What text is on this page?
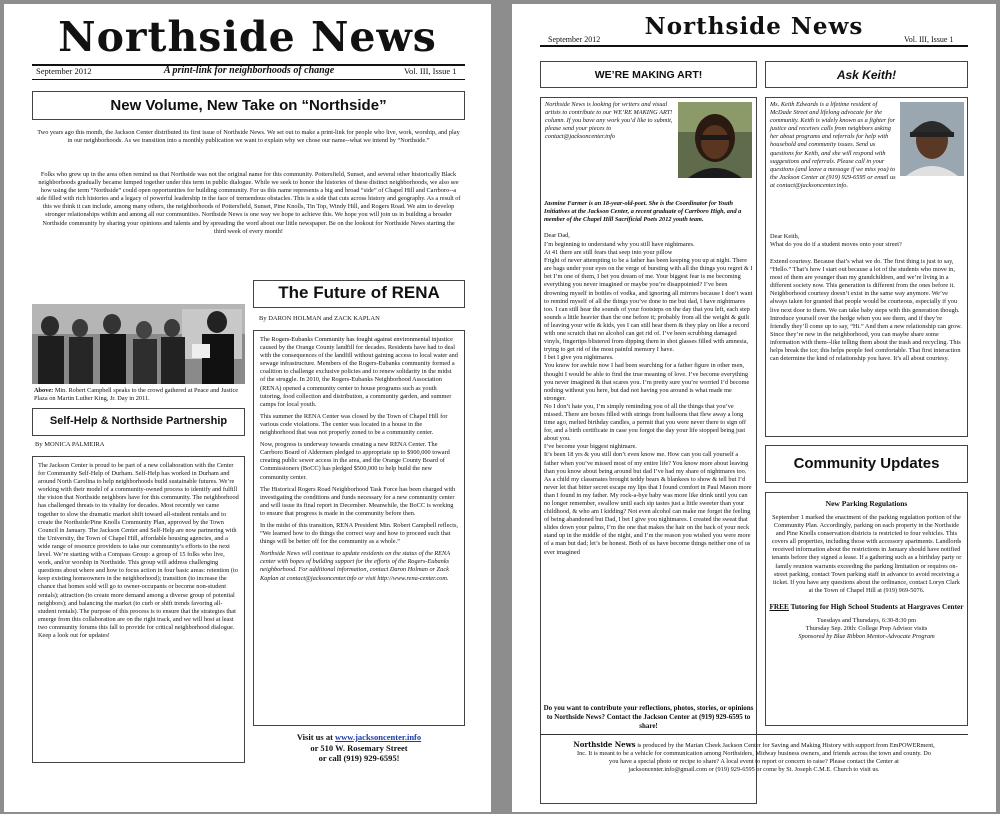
Northside News
September 2012	A print-link for neighborhoods of change	Vol. III, Issue 1
New Volume, New Take on “Northside”
Two years ago this month, the Jackson Center distributed its first issue of Northside News. We set out to make a print-link for people who live, work, worship, and play in our neighborhoods. As we transition into a monthly publication we want to explain why we chose our name--what we intend by “Northside.”
Folks who grew up in the area often remind us that Northside was not the original name for this community. Pottersfield, Sunset, and several other historically Black neighborhoods gradually became lumped together under this term in public dialogue. While we seek to honor the histories of these distinct neighborhoods, we also see how using the term “Northside” could open opportunities for building community. For us this name represents a big and broad “side” of Chapel Hill and Carrboro--a side filled with rich histories and a legacy of powerful leadership in the face of tremendous obstacles. This is a side that cuts across history and geography. As a result of this we think it can include, among many others, the neighborhoods of Pottersfield, Sunset, Pine Knolls, Tin Top, Windy Hill, and Rogers Road. We aim to develop stronger relationships within and among all our communities. Northside News is one way we hope to achieve this. We hope you will join us in building a broader Northside community by sharing your opinions and talents and by spreading the word about our little newspaper. Be on the lookout for Northside News starting the third week of every month!
Above: Min. Robert Campbell speaks to the crowd gathered at Peace and Justice Plaza on Martin Luther King, Jr. Day in 2011.
Self-Help & Northside Partnership
By MONICA PALMEIRA
The Jackson Center is proud to be part of a new collaboration with the Center for Community Self-Help of Durham. Self-Help has worked in Durham and around North Carolina to help neighborhoods build sustainable futures. We’re working with their model of a community-owned process to identify and fulfill the vision that Northside neighbors have for this community. The neighborhood has challenged threats to its vitality for decades. Most recently we came together to slow the dramatic market shift toward all-student rentals and to create the Northside/Pine Knolls Community Plan, approved by the Town Council in January. The Jackson Center and Self-Help are now partnering with the University, the Town of Chapel Hill, affordable housing agencies, and a wide range of resource providers to take our community’s efforts to the next level. We’re starting with a Compass Group: a group of 15 folks who live, work, and/or worship in Northside. This group will address challenging questions about where and how to focus action in four basic areas: retention (to keep existing homeowners in the neighborhood); transition (to increase the chance that homes sold will go to owner-occupants or become non-student rentals); attraction (to create more demand among a diverse group of potential neighbors); and balancing the market (to curb or shift trends favoring all-student rentals). The purpose of this process is to ensure that the strategies that emerge from this collaboration are on the right track, and we will host at least two community forums this fall to provide for critical neighborhood dialogue. Keep a look out for updates!
The Future of RENA
By DARON HOLMAN and ZACK KAPLAN

The Rogers-Eubanks Community has fought against environmental injustice caused by the Orange County landfill for decades. Residents have had to deal with the consequences of the landfill without gaining access to local water and sewage infrastructure. Members of the Rogers-Eubanks community formed a coalition to challenge exclusive policies and to renew solidarity in the midst of the struggle. In 2010, the Rogers-Eubanks Neighborhood Association (RENA) opened a community center to house programs such as youth tutoring, food collection and distribution, a community garden, and summer camps for local youth.

This summer the RENA Center was closed by the Town of Chapel Hill for various code violations. The center was located in a house in the neighborhood that was not properly zoned to be a community center.

Now, progress is underway towards creating a new RENA Center. The Carrboro Board of Aldermen pledged to appropriate up to $900,000 toward creating public sewer access in the area, and the Orange County Board of Commissioners (BoCC) has pledged $500,000 to help build the new community center.

The Historical Rogers Road Neighborhood Task Force has been charged with investigating the conditions and funds necessary for a new community center and will issue its final report in December. Meanwhile, the BoCC is working to ensure that progress is made in the community before then.

In the midst of this transition, RENA President Min. Robert Campbell reflects, “We learned how to do things the correct way and how to proceed such that things will be better off for the community as a whole.”

Northside News will continue to update residents on the status of the RENA center with hopes of building support for the efforts of the Rogers-Eubanks neighborhood. For additional information, contact Daron Holman or Zack Kaplan at contact@jacksoncenter.info or visit http://www.rena-center.com.

Visit us at www.jacksoncenter.info
or 510 W. Rosemary Street
or call (919) 929-6595!
Northside News
September 2012	Vol. III, Issue 1
WE’RE MAKING ART!
Northside News is looking for writers and visual artists to contribute to our WE’RE MAKING ART! column. If you have any work you’d like to submit, please send your pieces to contact@jacksoncenter.info
Jasmine Farmer is an 18-year-old-poet. She is the Coordinator for Youth Initiatives at the Jackson Center, a recent graduate of Carrboro High, and a member of the Chapel Hill Sacrificial Poets 2012 youth team.
Dear Dad,
I’m beginning to understand why you still have nightmares.
At 41 there are still fears that seep into your pillow
Fright of never attempting to be a father has been keeping you up at night. There are bags under your eyes on the verge of bursting with all the things you regret & I bet I’m one of them, I bet you dream of me. Your biggest fear is me becoming everything you never imagined or maybe you’re disappointed? I’ve been drowning myself in bottles of vodka, and ignoring all mirrors because I don’t want to remind myself of all the things you’ve done to me but dad, I have nightmares too. I can still hear the sounds of your footsteps on the day that you left, each step sounds a little heavier than the one before it; probably from all the weight & guilt of leaving your wife & kids, yes I can still hear them & they play on like a record with one scratch that no alcohol can get rid of. I’ve been scrubbing damaged vinyls, fingertips blistered from dipping them in shot glasses filled with amnesia, trying to get rid of the most painful memory I have.
I bet I give you nightmares.
You know for awhile now I had been searching for a father figure in other men, thought I would be able to find the true meaning of love. I’ve become everything you never imagined & that scares you. I’m pretty sure you’re worried I’d become nothing without you here, but dad not having you around is what made me stronger.
No I don’t hate you, I’m simply reminding you of all the things that you’ve missed. There are boxes filled with strings from balloons that flew away a long time ago, melted birthday candles, a permit that you were never there to sign off for, and a birth certificate in case you forgot the day your life stopped being just about you.
I’ve become your biggest nightmare.
It’s been 18 yrs & you still don’t even know me. How can you call yourself a father when you’ve missed most of my entire life? You know more about leaving than you know about being around but dad I’ve had my share of nightmares too. As a child my classmates brought teddy bears & blankees to show & tell but I’d never let that bitter secret escape my lips that I found comfort in Paul Mason more than I found in my father. My rock-a-bye baby was more like drink until you can no longer remember, swallow until each sip tastes just a little sweeter than your childhood, & who am I kidding? Not even alcohol can make me forget the feeling of being abandoned but Dad, I bet I give you nightmares. I created the sweat that slides down your palms, I’m the one that makes the hair on the back of your neck stand up in the middle of the night, and I’m the reason you wished you were more of a man but dad; let’s be honest. Both of us have become things neither one of us ever imagined
Do you want to contribute your reflections, photos, stories, or opinions to Northside News? Contact the Jackson Center at (919) 929-6595 to share!
Ask Keith!
Ms. Keith Edwards is a lifetime resident of McDade Street and lifelong advocate for the community. Keith is widely known as a fighter for justice and receives calls from neighbors asking her about programs and referrals for help with household and community issues. Send us questions for Keith, and she will respond with suggestions and referrals. Please call in your questions (and leave a message if we miss you) to the Jackson Center at (919) 929-6595 or email us at contact@jacksoncenter.info.
Dear Keith,
What do you do if a student moves onto your street?
Extend courtesy. Because that’s what we do. The first thing is just to say, “Hello.” That’s how I start out because a lot of the students who move in, most of them are younger than my grandchildren, and we’re living in a different society now. This generation is different from the ones before it. Neighborhood courtesy doesn’t exist in the same way anymore. We’ve always taken for granted that people would be courteous, especially if you live next door to them. We can take baby steps with this generation though. Introduce yourself over the hedge when you see them, and if they’re friendly they’ll come up to say, “Hi.” And then a new relationship can grow. Since they’re new in the neighborhood, you can maybe share some information with them--like telling them about the trash and recycling. This helps break the ice; this helps people feel comfortable. That first interaction can determine the kind of relationship you have. It’s all about courtesy.
Community Updates
New Parking Regulations
September 1 marked the enactment of the parking regulation portion of the Community Plan. Accordingly, parking on each property in the Northside and Pine Knolls conservation districts is restricted to four vehicles. This covers all properties, including those with accessory apartments. Landlords received information about the restrictions in January should have notified tenants before they signed a lease. If a gathering such as a birthday party or family reunion warrants exceeding the parking limitation or requires on-street parking, contact Town parking staff in advance to avoid receiving a ticket. If you have any questions about the ordinance, contact Loryn Clark at the Town of Chapel Hill at (919) 969-5076.
FREE Tutoring for High School Students at Hargraves Center
Tuesdays and Thursdays, 6:30-8:30 pm
Thursday Sep. 20th: College Prep Advisor visits
Sponsored by Blue Ribbon Mentor-Advocate Program
Northside News is produced by the Marian Cheek Jackson Center for Saving and Making History with support from EmPOWERment, Inc. It is meant to be a vehicle for communication among Northsiders, Midway business owners, and friends across the town and county. Do you have a special photo or recipe to share? A local event to report or concern to raise? Please contact the Center at jacksoncenter.info@gmail.com or (919) 929-6595 or come by St. Joseph C.M.E. Church to visit us.
